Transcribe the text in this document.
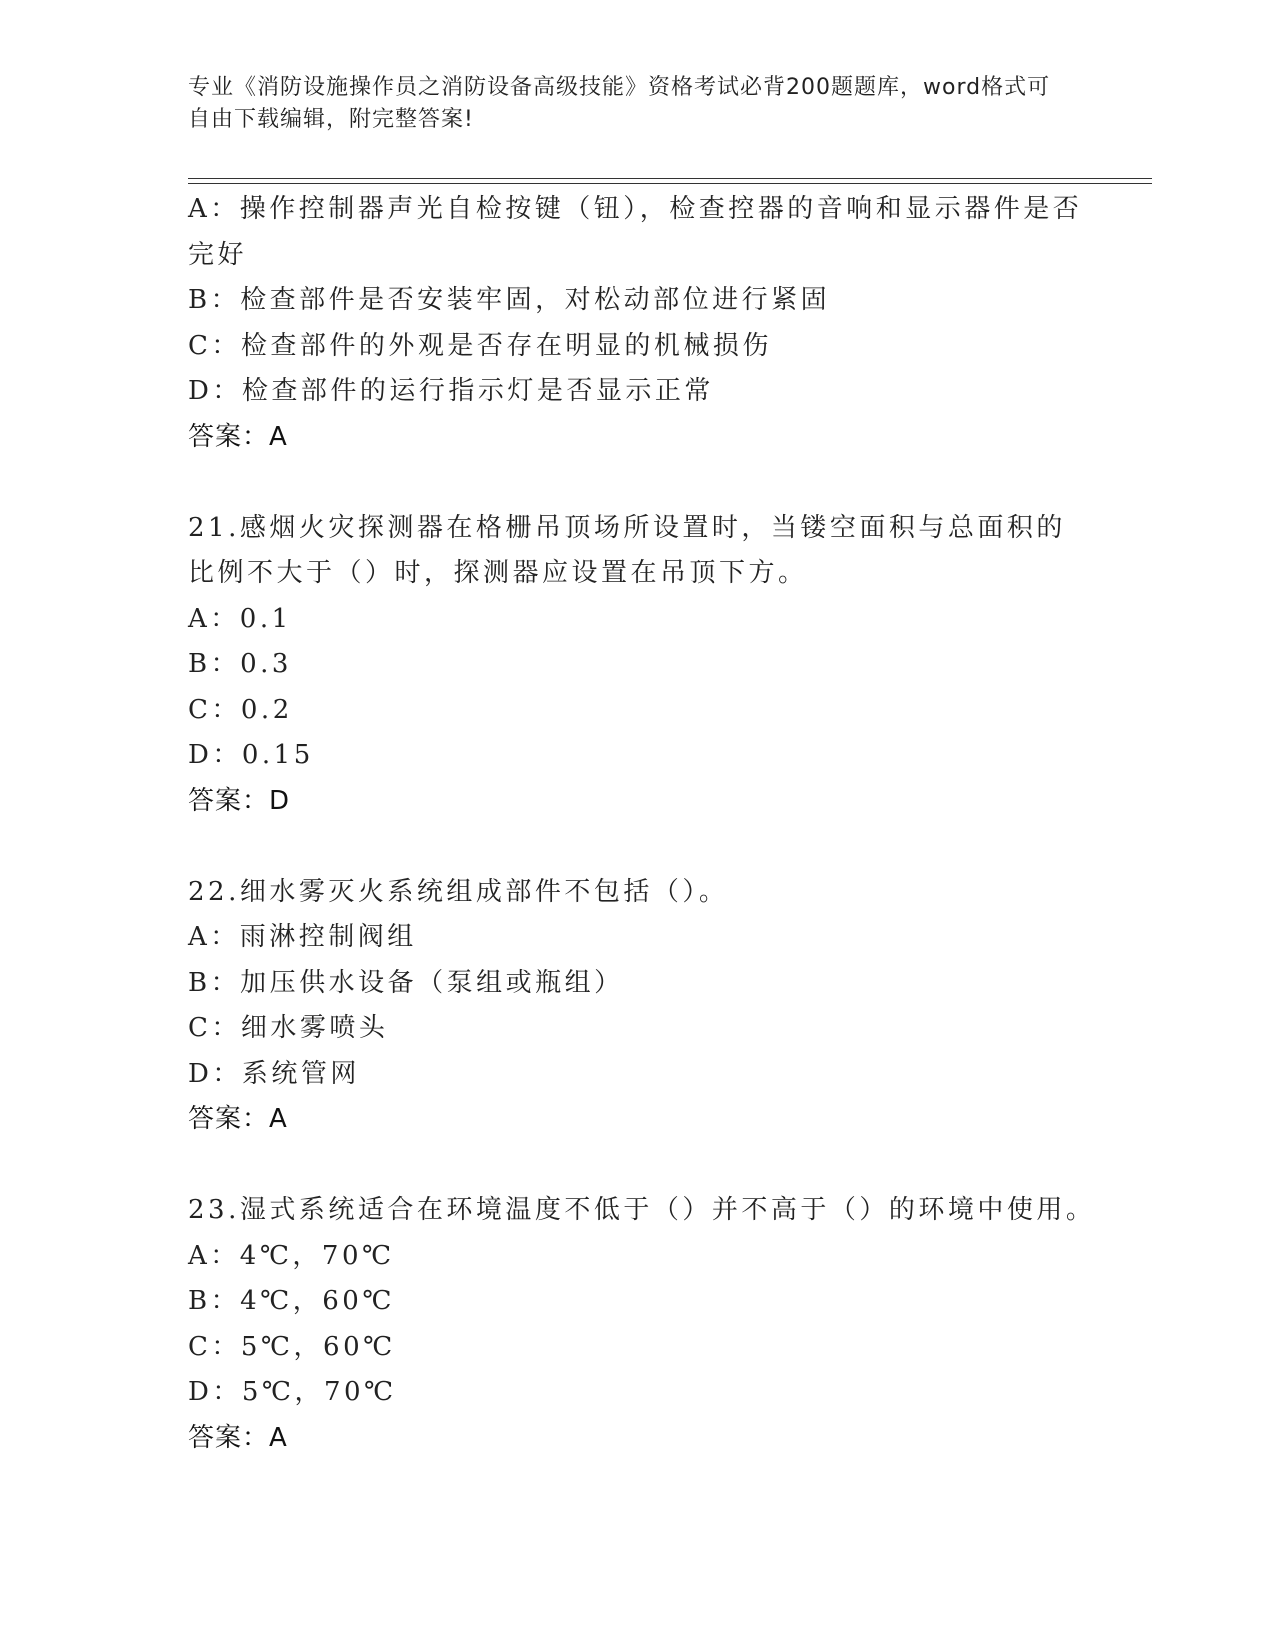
专业《消防设施操作员之消防设备高级技能》资格考试必背200题题库，word格式可自由下载编辑，附完整答案!
A：操作控制器声光自检按键（钮），检查控器的音响和显示器件是否完好
B：检查部件是否安装牢固，对松动部位进行紧固
C：检查部件的外观是否存在明显的机械损伤
D：检查部件的运行指示灯是否显示正常
答案：A
21.感烟火灾探测器在格栅吊顶场所设置时，当镂空面积与总面积的比例不大于（）时，探测器应设置在吊顶下方。
A：0.1
B：0.3
C：0.2
D：0.15
答案：D
22.细水雾灭火系统组成部件不包括（）。
A：雨淋控制阀组
B：加压供水设备（泵组或瓶组）
C：细水雾喷头
D：系统管网
答案：A
23.湿式系统适合在环境温度不低于（）并不高于（）的环境中使用。
A：4℃，70℃
B：4℃，60℃
C：5℃，60℃
D：5℃，70℃
答案：A
